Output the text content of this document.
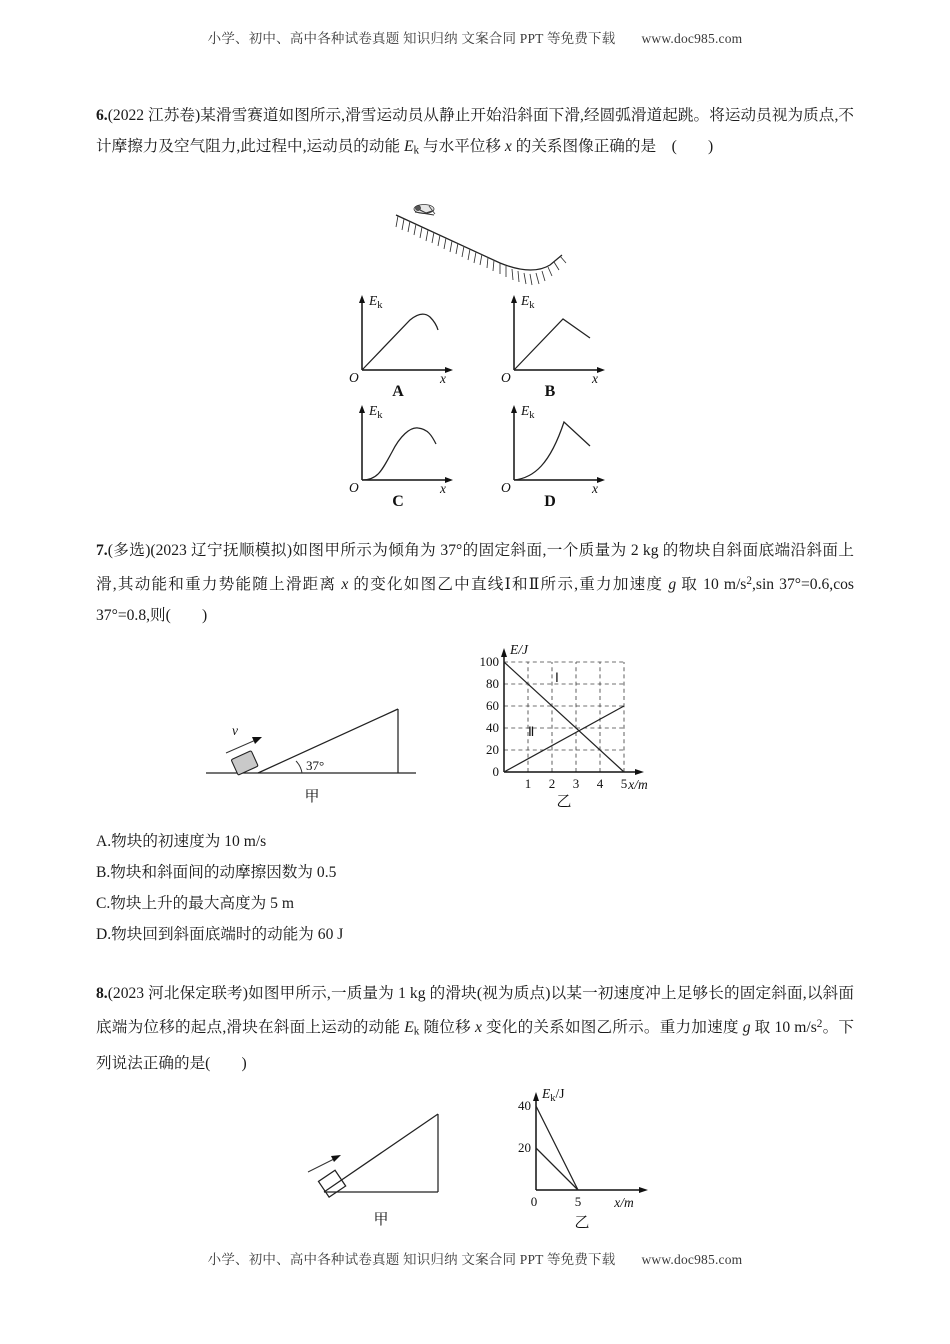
小学、初中、高中各种试卷真题 知识归纳 文案合同 PPT 等免费下载 www.doc985.com

6.(2022 江苏卷)某滑雪赛道如图所示,滑雪运动员从静止开始沿斜面下滑,经圆弧滑道起跳。将运动员视为质点,不计摩擦力及空气阻力,此过程中,运动员的动能 $E_k$ 与水平位移 x 的关系图像正确的是　(　　)

$E_k$
x
O
A
$E_k$
x
O
B
$E_k$
x
O
C
$E_k$
x
O
D

7.(多选)(2023 辽宁抚顺模拟)如图甲所示为倾角为 37°的固定斜面,一个质量为 2 kg 的物块自斜面底端沿斜面上滑,其动能和重力势能随上滑距离 x 的变化如图乙中直线Ⅰ和Ⅱ所示,重力加速度 g 取 10 $m/s^2,\sin$ 37°=0.6,cos 37°=0.8,则(　　)

37°
v
甲
Ⅰ
Ⅱ
0
20
40
60
80
100
1 2 3 4 5
E/J
x/m
乙
A.物块的初速度为 10 m/s
B.物块和斜面间的动摩擦因数为 0.5
C.物块上升的最大高度为 5 m
D.物块回到斜面底端时的动能为 60 J

8.(2023 河北保定联考)如图甲所示,一质量为 1 kg 的滑块(视为质点)以某一初速度冲上足够长的固定斜面,以斜面底端为位移的起点,滑块在斜面上运动的动能 $E_k$ 随位移 x 变化的关系如图乙所示。重力加速度 g 取 10 $m/s^2$。下列说法正确的是(　　)

甲
20
40
0	5
$E_k/J$
x/m
乙
小学、初中、高中各种试卷真题 知识归纳 文案合同 PPT 等免费下载 www.doc985.com
